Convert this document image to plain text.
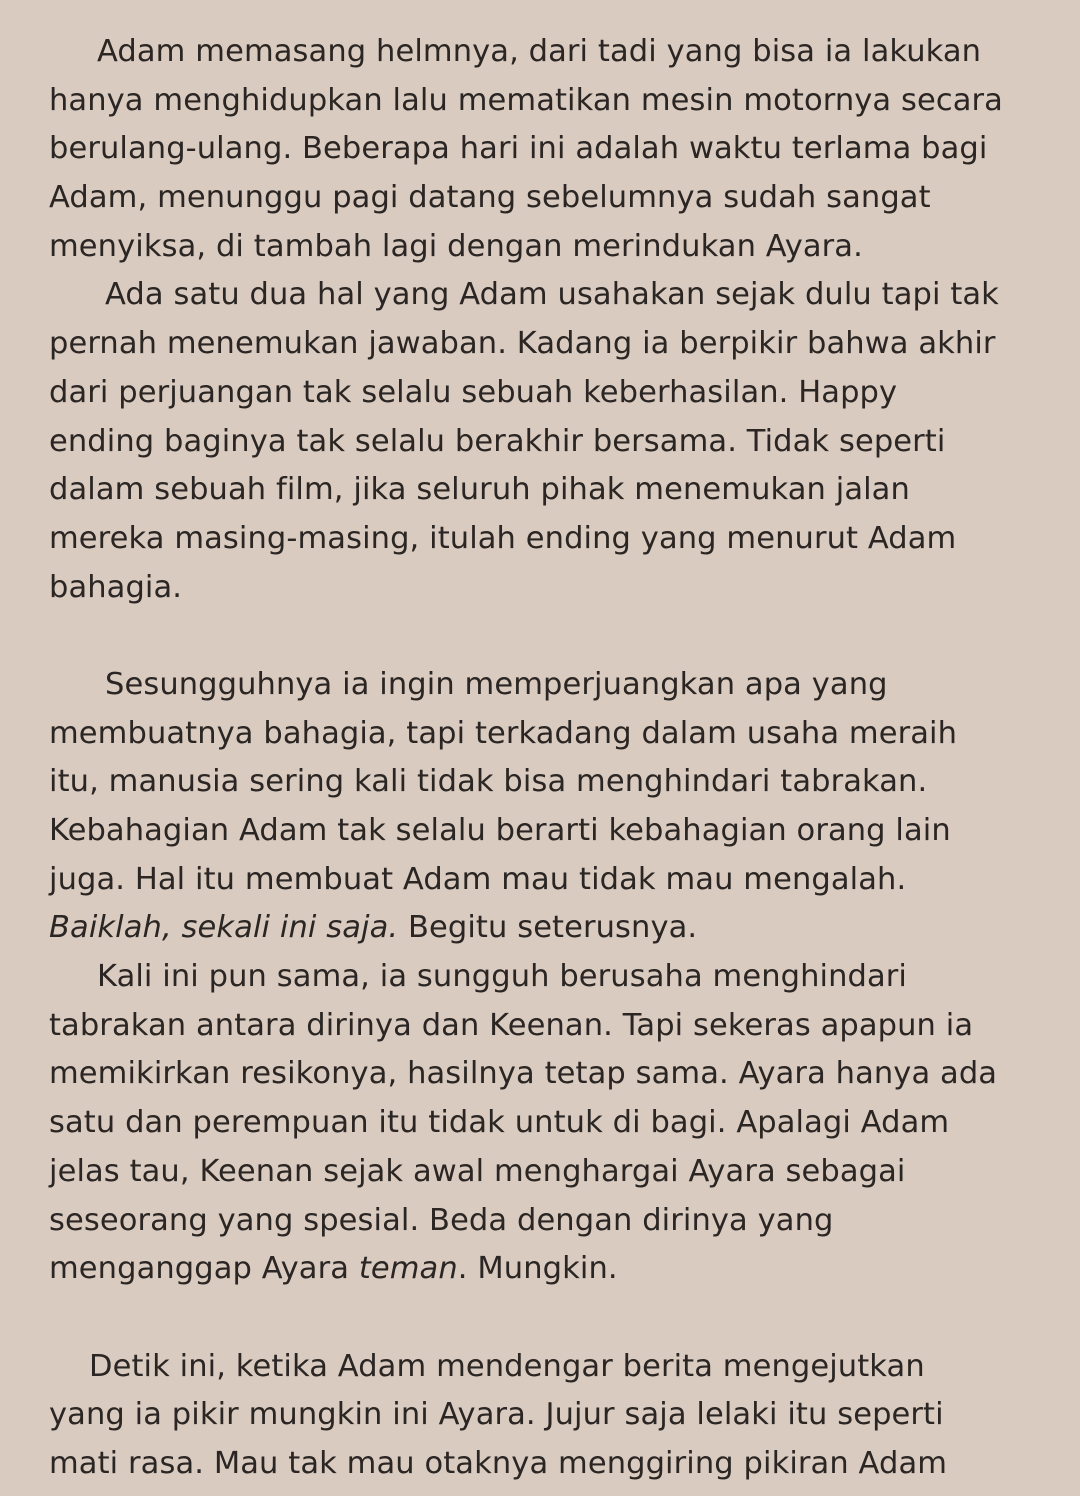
Adam memasang helmnya, dari tadi yang bisa ia lakukan
hanya menghidupkan lalu mematikan mesin motornya secara
berulang-ulang. Beberapa hari ini adalah waktu terlama bagi
Adam, menunggu pagi datang sebelumnya sudah sangat
menyiksa, di tambah lagi dengan merindukan Ayara.
Ada satu dua hal yang Adam usahakan sejak dulu tapi tak
pernah menemukan jawaban. Kadang ia berpikir bahwa akhir
dari perjuangan tak selalu sebuah keberhasilan. Happy
ending baginya tak selalu berakhir bersama. Tidak seperti
dalam sebuah film, jika seluruh pihak menemukan jalan
mereka masing-masing, itulah ending yang menurut Adam
bahagia.
Sesungguhnya ia ingin memperjuangkan apa yang
membuatnya bahagia, tapi terkadang dalam usaha meraih
itu, manusia sering kali tidak bisa menghindari tabrakan.
Kebahagian Adam tak selalu berarti kebahagian orang lain
juga. Hal itu membuat Adam mau tidak mau mengalah.
Baiklah, sekali ini saja. Begitu seterusnya.
Kali ini pun sama, ia sungguh berusaha menghindari
tabrakan antara dirinya dan Keenan. Tapi sekeras apapun ia
memikirkan resikonya, hasilnya tetap sama. Ayara hanya ada
satu dan perempuan itu tidak untuk di bagi. Apalagi Adam
jelas tau, Keenan sejak awal menghargai Ayara sebagai
seseorang yang spesial. Beda dengan dirinya yang
menganggap Ayara teman. Mungkin.
Detik ini, ketika Adam mendengar berita mengejutkan
yang ia pikir mungkin ini Ayara. Jujur saja lelaki itu seperti
mati rasa. Mau tak mau otaknya menggiring pikiran Adam
